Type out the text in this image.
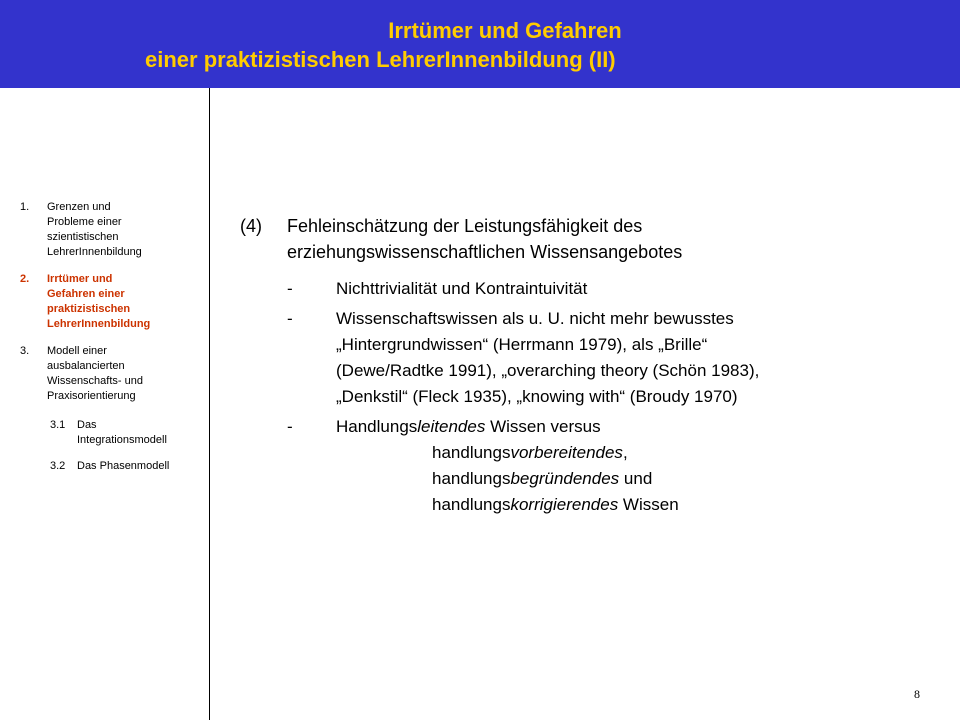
Irrtümer und Gefahren
einer praktizistischen LehrerInnenbildung (II)
1. Grenzen und
Probleme einer
szientistischen
LehrerInnenbildung
2. Irrtümer und
Gefahren einer
praktizistischen
LehrerInnenbildung
3. Modell einer
ausbalancierten
Wissenschafts- und
Praxisorientierung
3.1 Das
Integrationsmodell
3.2 Das Phasenmodell
(4) Fehleinschätzung der Leistungsfähigkeit des
erziehungswissenschaftlichen Wissensangebotes
-	Nichttrivialität und Kontraintuivität
-	Wissenschaftswissen als u. U. nicht mehr bewusstes
„Hintergrundwissen“ (Herrmann 1979), als „Brille“
(Dewe/Radtke 1991), „overarching theory (Schön 1983),
„Denkstil“ (Fleck 1935), „knowing with“ (Broudy 1970)
-	Handlungsleitendes Wissen versus
handlungsvorbereitendes,
handlungsbegründendes und
handlungskorrigierendes Wissen
8
